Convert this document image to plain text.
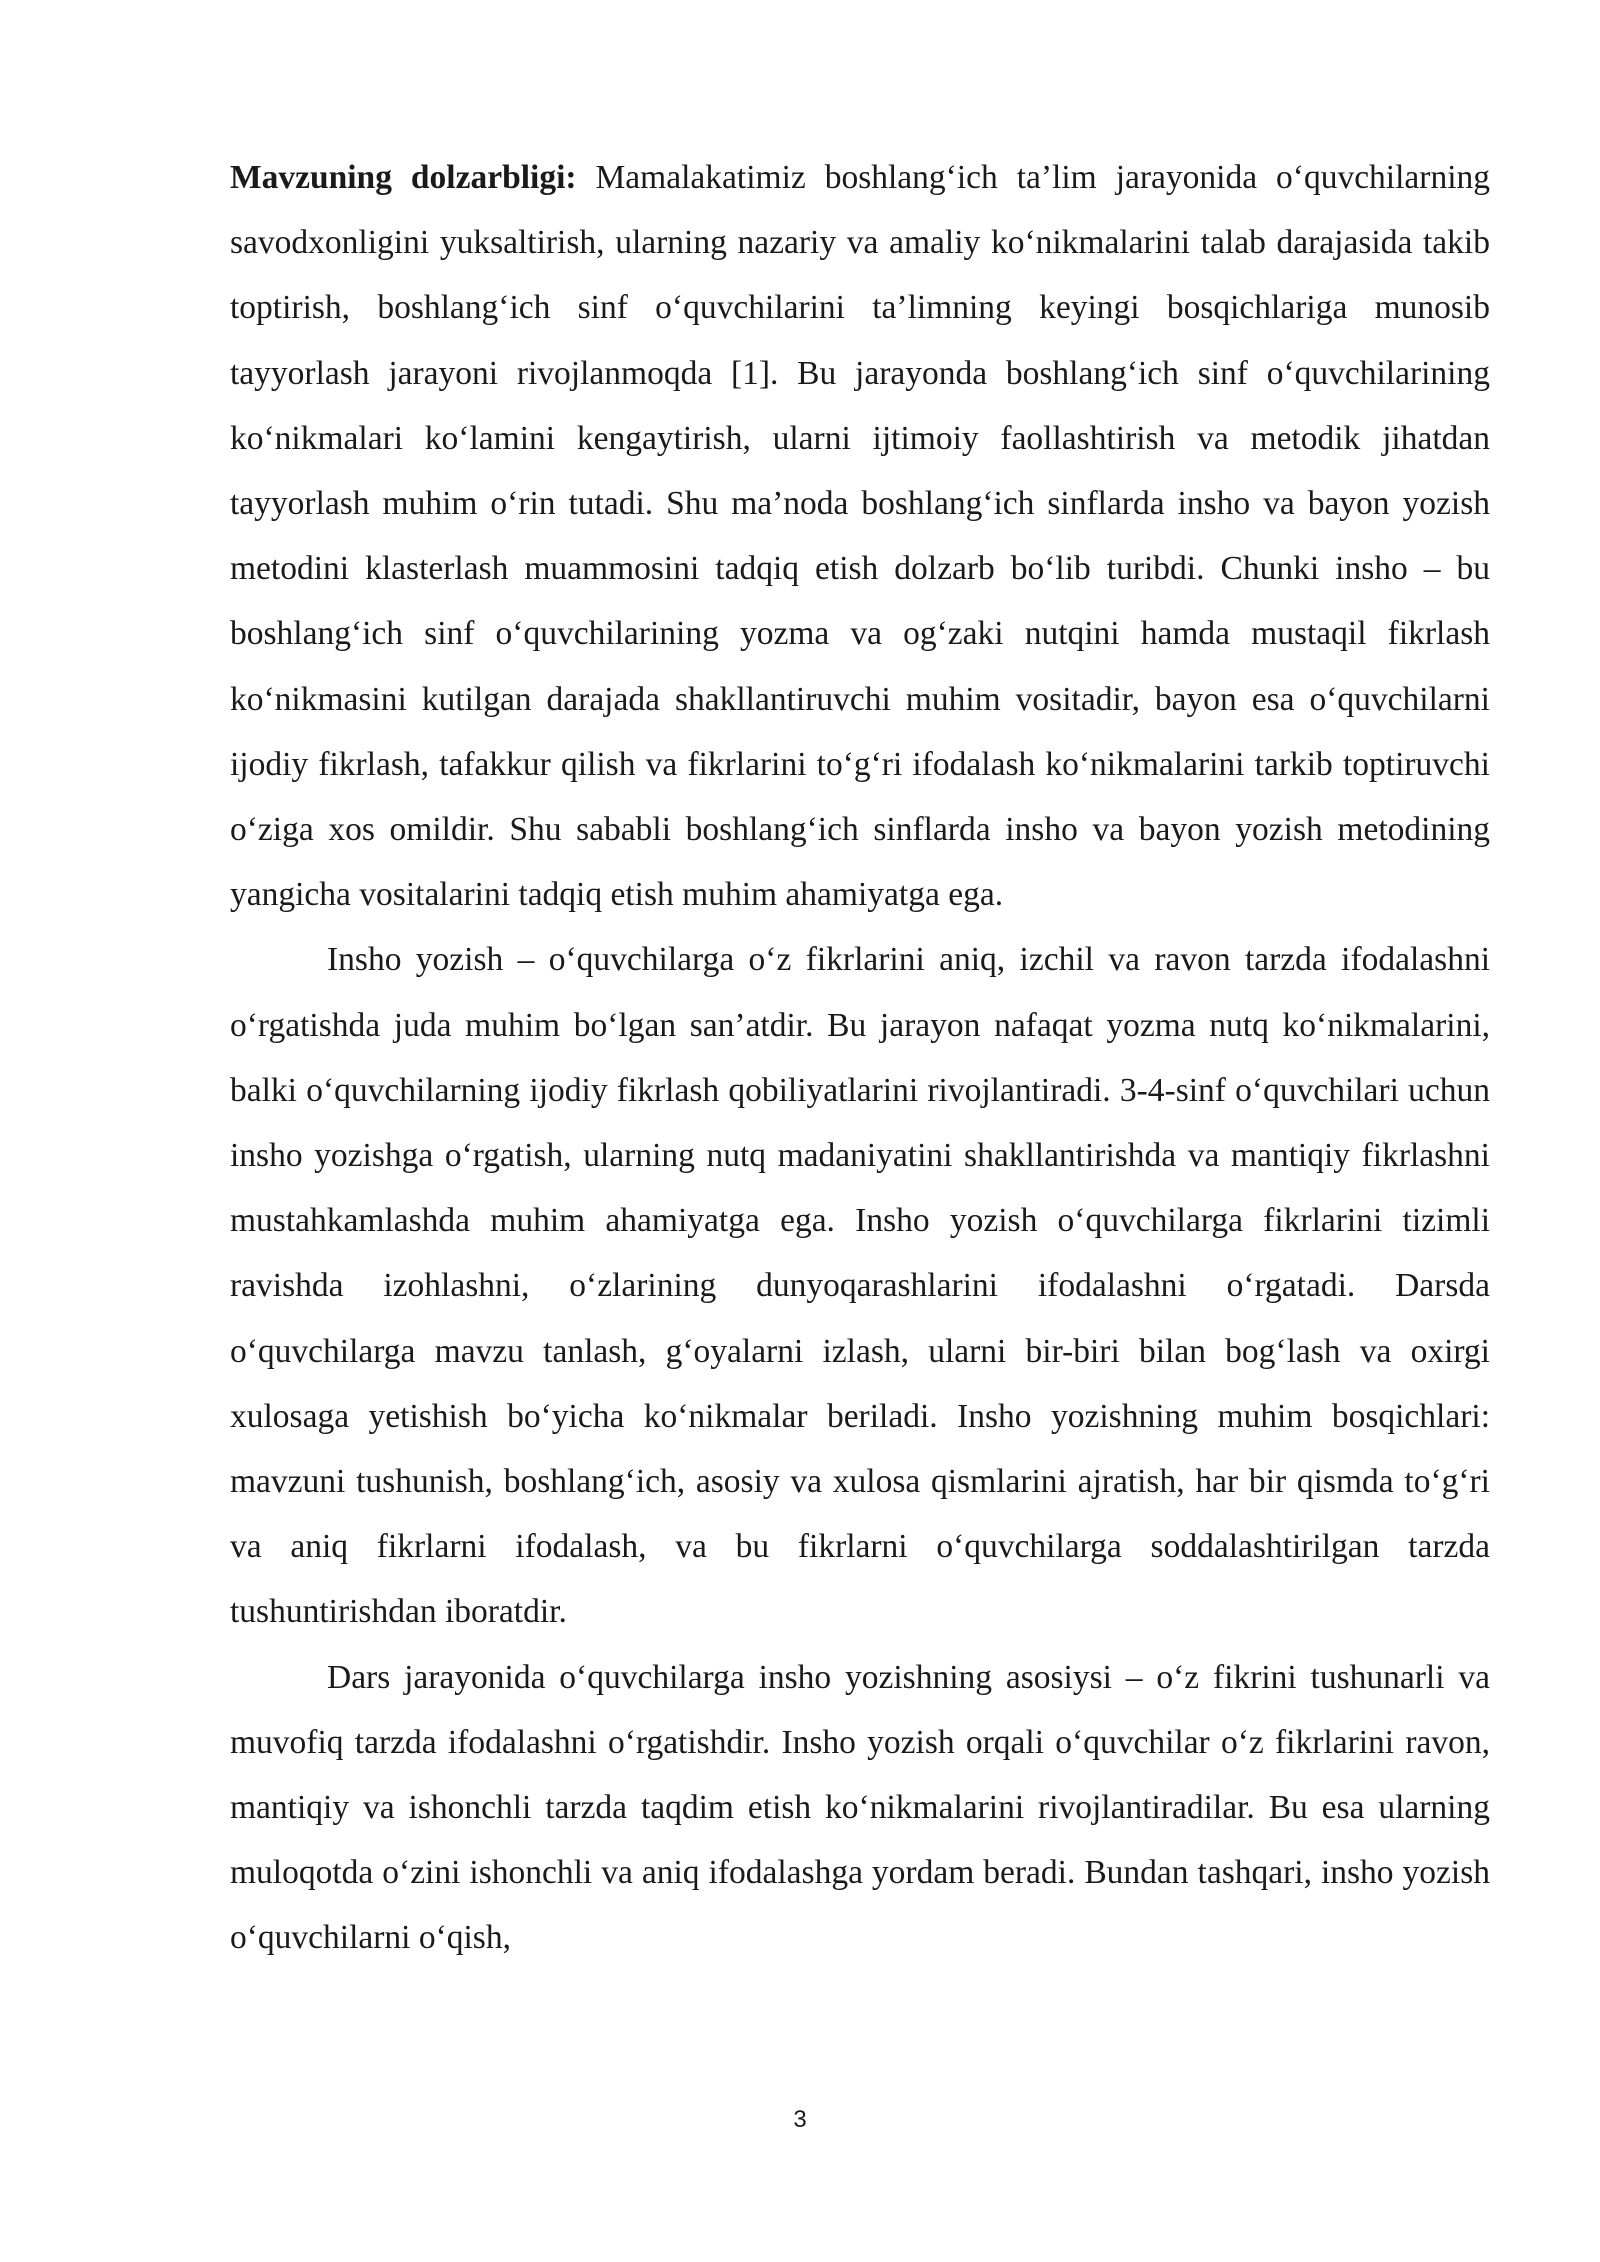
Mavzuning dolzarbligi: Mamalakatimiz boshlang‘ich ta’lim jarayonida o‘quvchilarning savodxonligini yuksaltirish, ularning nazariy va amaliy ko‘nikmalarini talab darajasida takib toptirish, boshlang‘ich sinf o‘quvchilarini ta’limning keyingi bosqichlariga munosib tayyorlash jarayoni rivojlanmoqda [1]. Bu jarayonda boshlang‘ich sinf o‘quvchilarining ko‘nikmalari ko‘lamini kengaytirish, ularni ijtimoiy faollashtirish va metodik jihatdan tayyorlash muhim o‘rin tutadi. Shu ma’noda boshlang‘ich sinflarda insho va bayon yozish metodini klasterlash muammosini tadqiq etish dolzarb bo‘lib turibdi. Chunki insho – bu boshlang‘ich sinf o‘quvchilarining yozma va og‘zaki nutqini hamda mustaqil fikrlash ko‘nikmasini kutilgan darajada shakllantiruvchi muhim vositadir, bayon esa o‘quvchilarni ijodiy fikrlash, tafakkur qilish va fikrlarini to‘g‘ri ifodalash ko‘nikmalarini tarkib toptiruvchi o‘ziga xos omildir. Shu sababli boshlang‘ich sinflarda insho va bayon yozish metodining yangicha vositalarini tadqiq etish muhim ahamiyatga ega.

Insho yozish – o‘quvchilarga o‘z fikrlarini aniq, izchil va ravon tarzda ifodalashni o‘rgatishda juda muhim bo‘lgan san’atdir. Bu jarayon nafaqat yozma nutq ko‘nikmalarini, balki o‘quvchilarning ijodiy fikrlash qobiliyatlarini rivojlantiradi. 3-4-sinf o‘quvchilari uchun insho yozishga o‘rgatish, ularning nutq madaniyatini shakllantirishda va mantiqiy fikrlashni mustahkamlashda muhim ahamiyatga ega. Insho yozish o‘quvchilarga fikrlarini tizimli ravishda izohlashni, o‘zlarining dunyoqarashlarini ifodalashni o‘rgatadi. Darsda o‘quvchilarga mavzu tanlash, g‘oyalarni izlash, ularni bir-biri bilan bog‘lash va oxirgi xulosaga yetishish bo‘yicha ko‘nikmalar beriladi. Insho yozishning muhim bosqichlari: mavzuni tushunish, boshlang‘ich, asosiy va xulosa qismlarini ajratish, har bir qismda to‘g‘ri va aniq fikrlarni ifodalash, va bu fikrlarni o‘quvchilarga soddalashtirilgan tarzda tushuntirishdan iboratdir.

Dars jarayonida o‘quvchilarga insho yozishning asosiysi – o‘z fikrini tushunarli va muvofiq tarzda ifodalashni o‘rgatishdir. Insho yozish orqali o‘quvchilar o‘z fikrlarini ravon, mantiqiy va ishonchli tarzda taqdim etish ko‘nikmalarini rivojlantiradilar. Bu esa ularning muloqotda o‘zini ishonchli va aniq ifodalashga yordam beradi. Bundan tashqari, insho yozish o‘quvchilarni o‘qish,

3
